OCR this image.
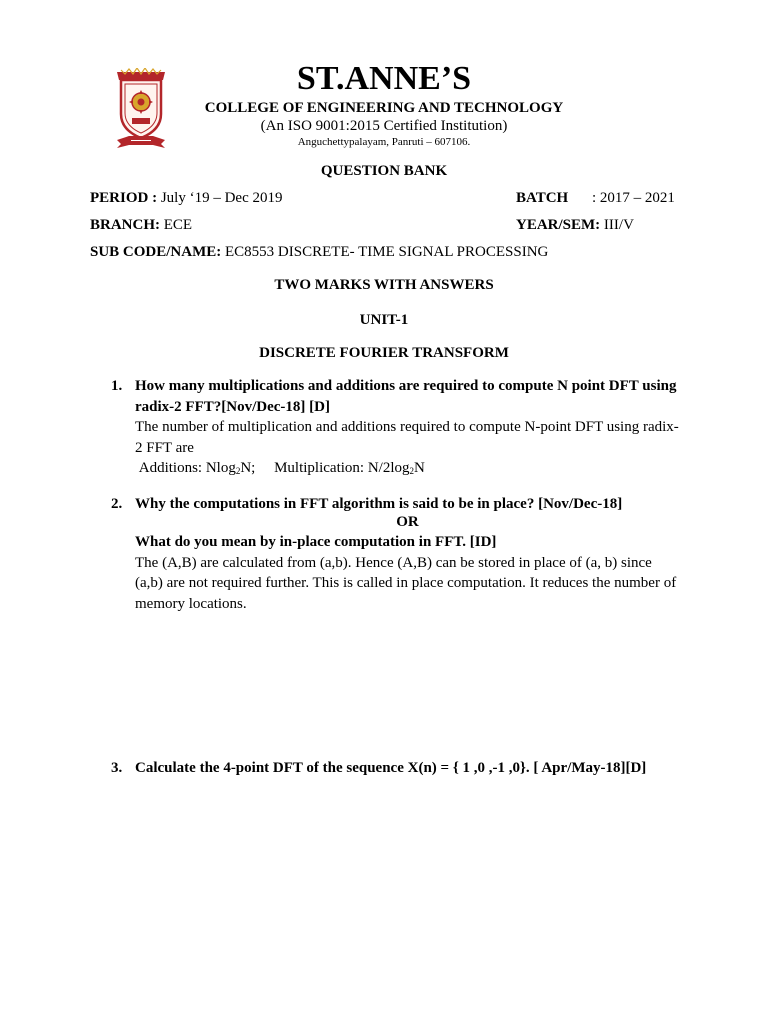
ST.ANNE’S
COLLEGE OF ENGINEERING AND TECHNOLOGY
(An ISO 9001:2015 Certified Institution)
Anguchettypalayam, Panruti – 607106.
QUESTION BANK
PERIOD : July ‘19 – Dec 2019	BATCH : 2017 – 2021
BRANCH: ECE	YEAR/SEM: III/V
SUB CODE/NAME: EC8553 DISCRETE- TIME SIGNAL PROCESSING
TWO MARKS WITH ANSWERS
UNIT-1
DISCRETE FOURIER TRANSFORM
1. How many multiplications and additions are required to compute N point DFT using radix-2 FFT?[Nov/Dec-18] [D]

The number of multiplication and additions required to compute N-point DFT using radix-2 FFT are

Additions: Nlog$_2$N; Multiplication: $N/2\log_2N$

2. Why the computations in FFT algorithm is said to be in place? [Nov/Dec-18]

OR

What do you mean by in-place computation in FFT. [ID]

The (A,B) are calculated from (a,b). Hence (A,B) can be stored in place of (a, b) since (a,b) are not required further. This is called in place computation. It reduces the number of memory locations.

3. Calculate the 4-point DFT of the sequence X(n) = { 1 ,0 ,-1 ,0}. [ Apr/May-18][D]
